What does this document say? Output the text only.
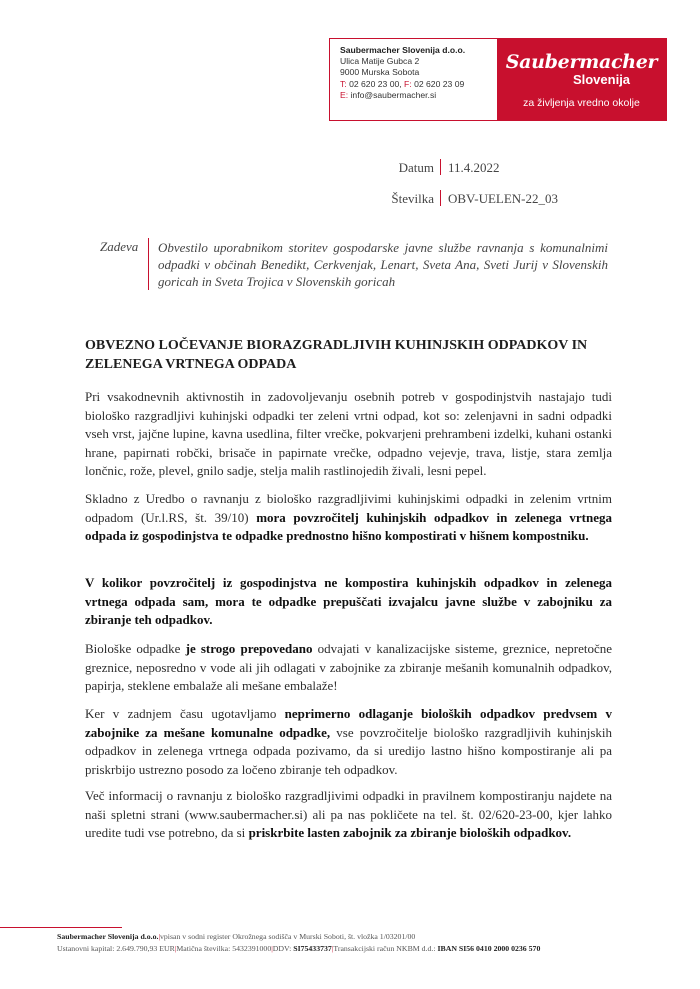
Saubermacher Slovenija d.o.o.
Ulica Matije Gubca 2
9000 Murska Sobota
T: 02 620 23 00, F: 02 620 23 09
E: info@saubermacher.si
Saubermacher
Slovenija
za življenja vredno okolje
Datum 11.4.2022
Številka OBV-UELEN-22_03
Zadeva Obvestilo uporabnikom storitev gospodarske javne službe ravnanja s komunalnimi odpadki v občinah Benedikt, Cerkvenjak, Lenart, Sveta Ana, Sveti Jurij v Slovenskih goricah in Sveta Trojica v Slovenskih goricah
OBVEZNO LOČEVANJE BIORAZGRADLJIVIH KUHINJSKIH ODPADKOV IN ZELENEGA VRTNEGA ODPADA
Pri vsakodnevnih aktivnostih in zadovoljevanju osebnih potreb v gospodinjstvih nastajajo tudi biološko razgradljivi kuhinjski odpadki ter zeleni vrtni odpad, kot so: zelenjavni in sadni odpadki vseh vrst, jajčne lupine, kavna usedlina, filter vrečke, pokvarjeni prehrambeni izdelki, kuhani ostanki hrane, papirnati robčki, brisače in papirnate vrečke, odpadno vejevje, trava, listje, stara zemlja lončnic, rože, plevel, gnilo sadje, stelja malih rastlinojedih živali, lesni pepel.
Skladno z Uredbo o ravnanju z biološko razgradljivimi kuhinjskimi odpadki in zelenim vrtnim odpadom (Ur.l.RS, št. 39/10) mora povzročitelj kuhinjskih odpadkov in zelenega vrtnega odpada iz gospodinjstva te odpadke prednostno hišno kompostirati v hišnem kompostniku.
V kolikor povzročitelj iz gospodinjstva ne kompostira kuhinjskih odpadkov in zelenega vrtnega odpada sam, mora te odpadke prepuščati izvajalcu javne službe v zabojniku za zbiranje teh odpadkov.
Biološke odpadke je strogo prepovedano odvajati v kanalizacijske sisteme, greznice, nepretočne greznice, neposredno v vode ali jih odlagati v zabojnike za zbiranje mešanih komunalnih odpadkov, papirja, steklene embalaže ali mešane embalaže!
Ker v zadnjem času ugotavljamo neprimerno odlaganje bioloških odpadkov predvsem v zabojnike za mešane komunalne odpadke, vse povzročitelje biološko razgradljivih kuhinjskih odpadkov in zelenega vrtnega odpada pozivamo, da si uredijo lastno hišno kompostiranje ali pa priskrbijo ustrezno posodo za ločeno zbiranje teh odpadkov.
Več informacij o ravnanju z biološko razgradljivimi odpadki in pravilnem kompostiranju najdete na naši spletni strani (www.saubermacher.si) ali pa nas pokličete na tel. št. 02/620-23-00, kjer lahko uredite tudi vse potrebno, da si priskrbite lasten zabojnik za zbiranje bioloških odpadkov.
Saubermacher Slovenija d.o.o.|vpisan v sodni register Okrožnega sodišča v Murski Soboti, št. vložka 1/03201/00
Ustanovni kapital: 2.649.790,93 EUR|Matična številka: 5432391000|DDV: SI75433737|Transakcijski račun NKBM d.d.: IBAN SI56 0410 2000 0236 570
